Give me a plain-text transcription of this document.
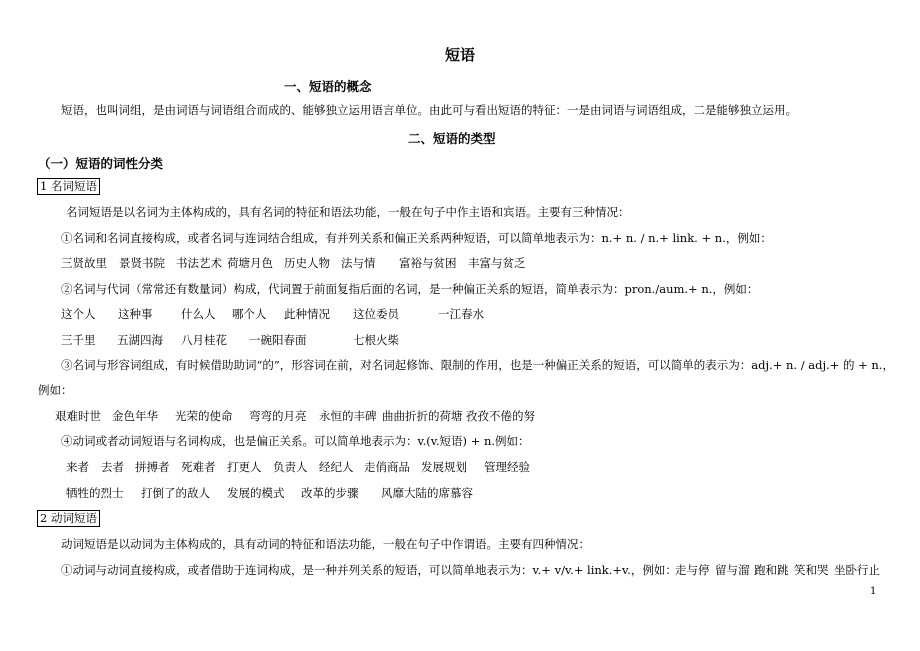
短语
一、短语的概念
短语，也叫词组，是由词语与词语组合而成的、能够独立运用语言单位。由此可与看出短语的特征：一是由词语与词语组成，二是能够独立运用。
二、短语的类型
（一）短语的词性分类
1 名词短语
名词短语是以名词为主体构成的，具有名词的特征和语法功能，一般在句子中作主语和宾语。主要有三种情况：
①名词和名词直接构成，或者名词与连词结合组成，有并列关系和偏正关系两种短语，可以简单地表示为：n.+ n. / n.+ link. + n.，例如：
三贤故里 景贤书院 书法艺术 荷塘月色 历史人物 法与情 富裕与贫困 丰富与贫乏
②名词与代词（常常还有数量词）构成，代词置于前面复指后面的名词，是一种偏正关系的短语，简单表示为：pron./aum.+ n.，例如：
这个人 这种事 什么人 哪个人 此种情况 这位委员	一江春水
三千里 五湖四海 八月桂花 一碗阳春面	七根火柴
③名词与形容词组成，有时候借助助词“的”，形容词在前，对名词起修饰、限制的作用，也是一种偏正关系的短语，可以简单的表示为：adj.+ n. / adj.+ 的 + n.，
例如：
艰难时世 金色年华 光荣的使命 弯弯的月亮 永恒的丰碑 曲曲折折的荷塘 孜孜不倦的努
④动词或者动词短语与名词构成，也是偏正关系。可以简单地表示为：v.(v.短语) + n.例如：
来者 去者 拼搏者 死难者 打更人 负责人 经纪人 走俏商品 发展规划 管理经验
牺牲的烈士 打倒了的敌人 发展的模式 改革的步骤 风靡大陆的席慕容
2 动词短语
动词短语是以动词为主体构成的，具有动词的特征和语法功能，一般在句子中作谓语。主要有四种情况：
①动词与动词直接构成，或者借助于连词构成，是一种并列关系的短语，可以简单地表示为：v.+ v/v.+ link.+v.，例如：
走与停 留与溜 跑和跳 笑和哭 坐卧行止
1
